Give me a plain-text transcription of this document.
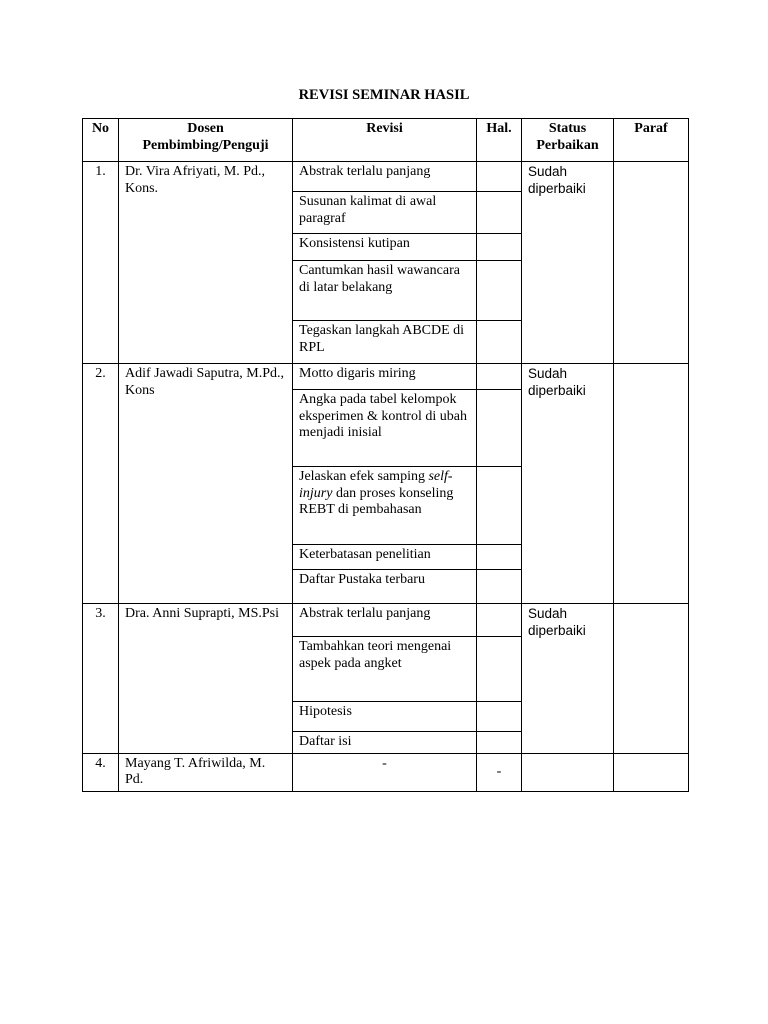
REVISI SEMINAR HASIL
No	Dosen Pembimbing/Penguji	Revisi	Hal.	Status Perbaikan	Paraf
1.	Dr. Vira Afriyati, M. Pd., Kons.	Abstrak terlalu panjang		Sudah diperbaiki	
		Susunan kalimat di awal paragraf			
		Konsistensi kutipan			
		Cantumkan hasil wawancara di latar belakang			
		Tegaskan langkah ABCDE di RPL			
2.	Adif Jawadi Saputra, M.Pd., Kons	Motto digaris miring		Sudah diperbaiki	
		Angka pada tabel kelompok eksperimen & kontrol di ubah menjadi inisial			
		Jelaskan efek samping self-injury dan proses konseling REBT di pembahasan			
		Keterbatasan penelitian			
		Daftar Pustaka terbaru			
3.	Dra. Anni Suprapti, MS.Psi	Abstrak terlalu panjang		Sudah diperbaiki	
		Tambahkan teori mengenai aspek pada angket			
		Hipotesis			
		Daftar isi			
4.	Mayang T. Afriwilda, M. Pd.	-	-		
